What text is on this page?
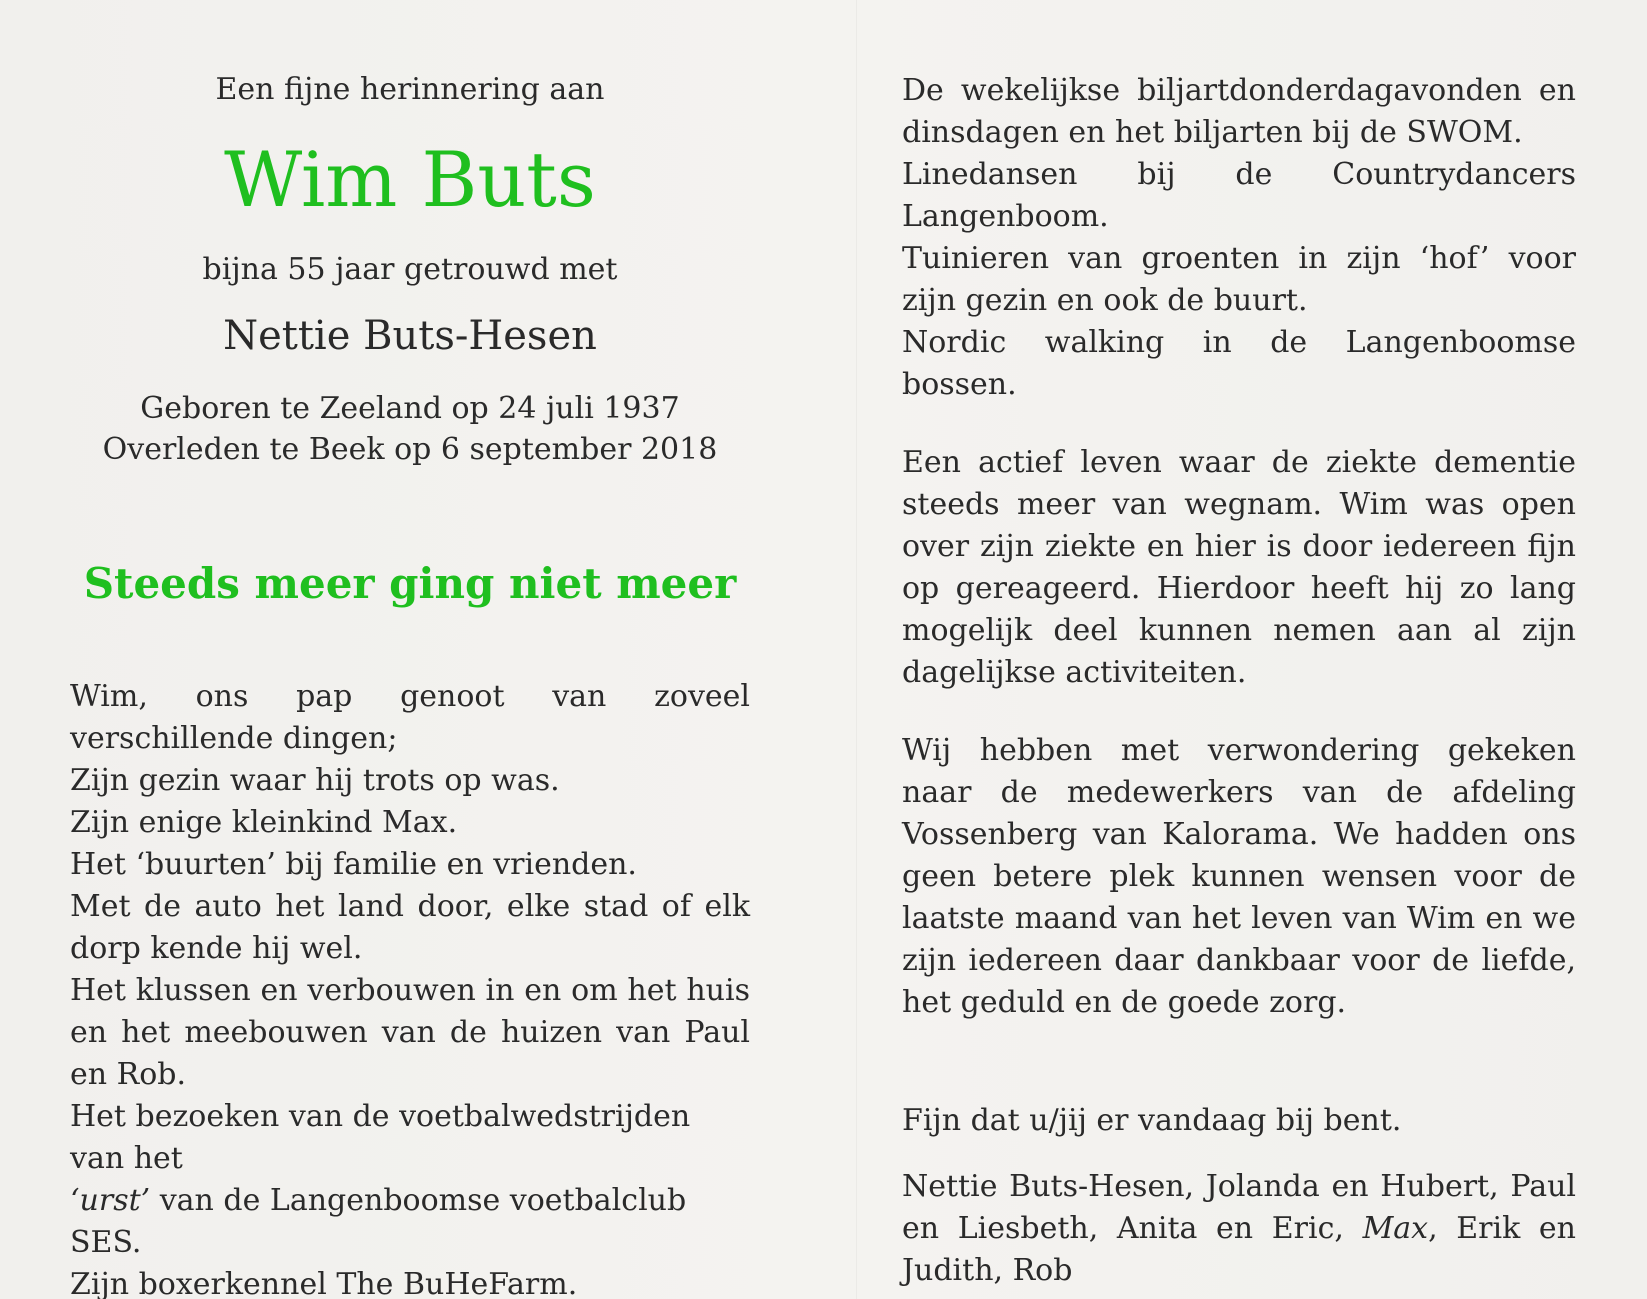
Een fijne herinnering aan

Wim Buts

bijna 55 jaar getrouwd met

Nettie Buts-Hesen

Geboren te Zeeland op 24 juli 1937

Overleden te Beek op 6 september 2018

Steeds meer ging niet meer

Wim, ons pap genoot van zoveel verschillende dingen;

Zijn gezin waar hij trots op was.

Zijn enige kleinkind Max.

Het ‘buurten’ bij familie en vrienden.

Met de auto het land door, elke stad of elk dorp kende hij wel.

Het klussen en verbouwen in en om het huis en het meebouwen van de huizen van Paul en Rob.

Het bezoeken van de voetbalwedstrijden van het
‘urst’ van de Langenboomse voetbalclub SES.

Zijn boxerkennel The BuHeFarm.

De wekelijkse biljartdonderdagavonden en dinsdagen en het biljarten bij de SWOM.

Linedansen bij de Countrydancers Langenboom.

Tuinieren van groenten in zijn ‘hof’ voor zijn gezin en ook de buurt.

Nordic walking in de Langenboomse bossen.

Een actief leven waar de ziekte dementie steeds meer van wegnam. Wim was open over zijn ziekte en hier is door iedereen fijn op gereageerd. Hierdoor heeft hij zo lang mogelijk deel kunnen nemen aan al zijn dagelijkse activiteiten.

Wij hebben met verwondering gekeken naar de medewerkers van de afdeling Vossenberg van Kalorama. We hadden ons geen betere plek kunnen wensen voor de laatste maand van het leven van Wim en we zijn iedereen daar dankbaar voor de liefde, het geduld en de goede zorg.

Fijn dat u/jij er vandaag bij bent.

Nettie Buts-Hesen, Jolanda en Hubert, Paul en Liesbeth, Anita en Eric, Max, Erik en Judith, Rob
